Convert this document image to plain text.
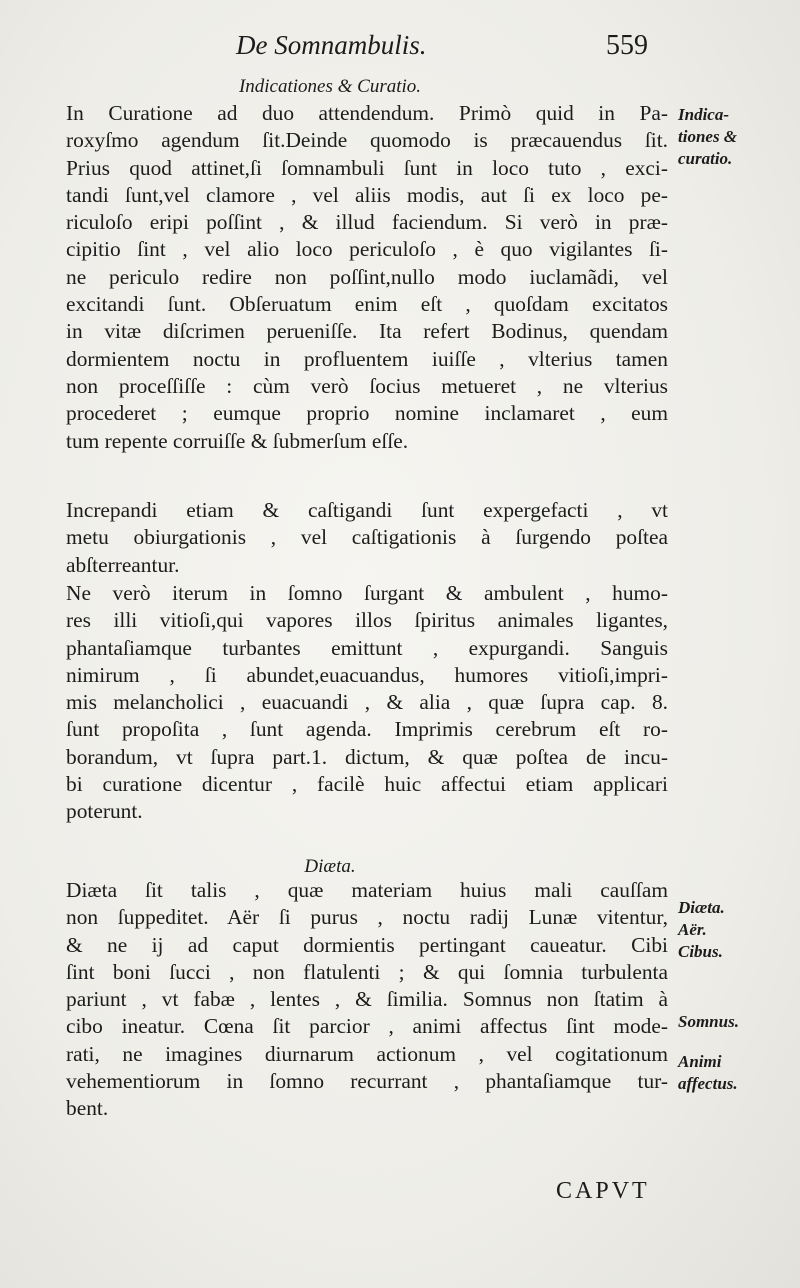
De Somnambulis.	559
Indicationes & Curatio.
In Curatione ad duo attendendum. Primò quid in Pa-
roxyſmo agendum ſit.Deinde quomodo is præcauendus ſit.
Prius quod attinet,ſi ſomnambuli ſunt in loco tuto , exci-
tandi ſunt,vel clamore , vel aliis modis, aut ſi ex loco pe-
riculoſo eripi poſſint , & illud faciendum. Si verò in præ-
cipitio ſint , vel alio loco periculoſo , è quo vigilantes ſi-
ne periculo redire non poſſint,nullo modo iuclamãdi, vel
excitandi ſunt. Obſeruatum enim eſt , quoſdam excitatos
in vitæ diſcrimen perueniſſe. Ita refert Bodinus, quendam
dormientem noctu in profluentem iuiſſe , vlterius tamen
non proceſſiſſe : cùm verò ſocius metueret , ne vlterius
procederet ; eumque proprio nomine inclamaret , eum
tum repente corruiſſe & ſubmerſum eſſe.
Increpandi etiam & caſtigandi ſunt expergefacti , vt
metu obiurgationis , vel caſtigationis à ſurgendo poſtea
abſterreantur.
Ne verò iterum in ſomno ſurgant & ambulent , humo-
res illi vitioſi,qui vapores illos ſpiritus animales ligantes,
phantaſiamque turbantes emittunt , expurgandi. Sanguis
nimirum , ſi abundet,euacuandus, humores vitioſi,impri-
mis melancholici , euacuandi , & alia , quæ ſupra cap. 8.
ſunt propoſita , ſunt agenda. Imprimis cerebrum eſt ro-
borandum, vt ſupra part.1. dictum, & quæ poſtea de incu-
bi curatione dicentur , facilè huic affectui etiam applicari
poterunt.
Diæta.
Diæta ſit talis , quæ materiam huius mali cauſſam
non ſuppeditet. Aër ſi purus , noctu radij Lunæ vitentur,
& ne ij ad caput dormientis pertingant caueatur. Cibi
ſint boni ſucci , non flatulenti ; & qui ſomnia turbulenta
pariunt , vt fabæ , lentes , & ſimilia. Somnus non ſtatim à
cibo ineatur. Cœna ſit parcior , animi affectus ſint mode-
rati, ne imagines diurnarum actionum , vel cogitationum
vehementiorum in ſomno recurrant , phantaſiamque tur-
bent.
Indica-
tiones &
curatio.
Diæta.
Aër.
Cibus.
Somnus.
Animi
affectus.
CAPVT
